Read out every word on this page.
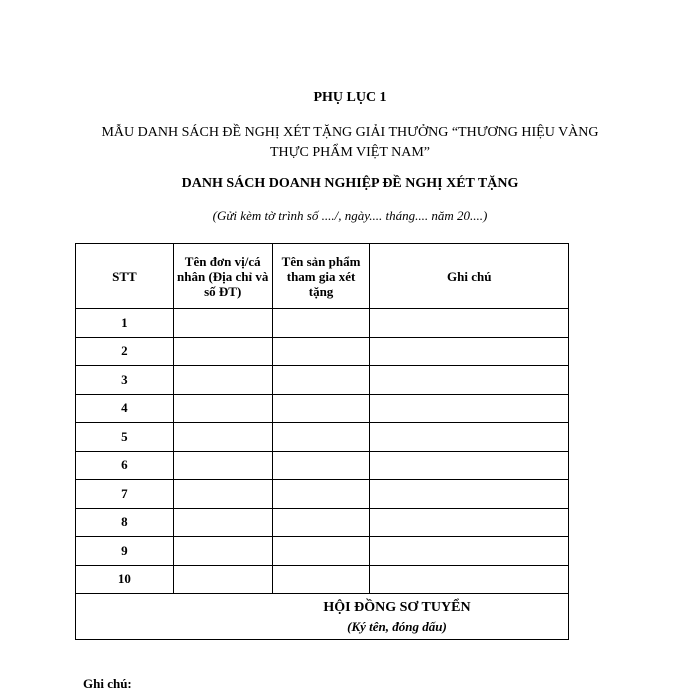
PHỤ LỤC 1
MẪU DANH SÁCH ĐỀ NGHỊ XÉT TẶNG GIẢI THƯỞNG “THƯƠNG HIỆU VÀNG
THỰC PHẨM VIỆT NAM”
DANH SÁCH DOANH NGHIỆP ĐỀ NGHỊ XÉT TẶNG
(Gửi kèm tờ trình số ..../, ngày.... tháng.... năm 20....)
STT	Tên đơn vị/cá nhân (Địa chỉ và số ĐT)	Tên sản phẩm tham gia xét tặng	Ghi chú
1			
2			
3			
4			
5			
6			
7			
8			
9			
10			

HỘI ĐỒNG SƠ TUYỂN
(Ký tên, đóng dấu)			
Ghi chú:
